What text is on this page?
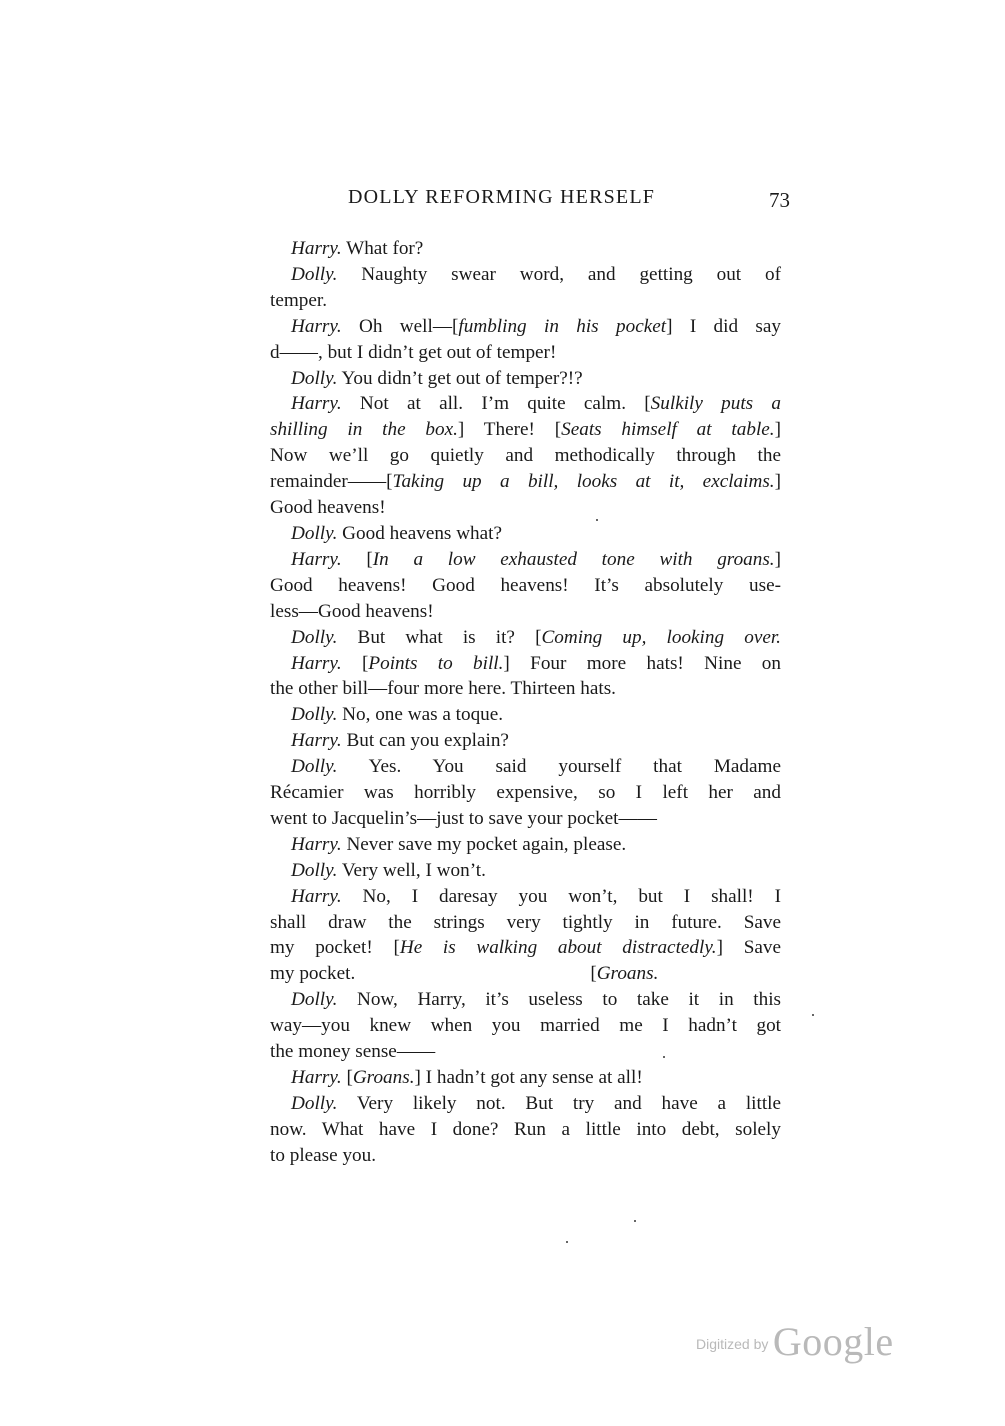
DOLLY REFORMING HERSELF	73
Harry. What for?
Dolly. Naughty swear word, and getting out of
temper.
Harry. Oh well—[fumbling in his pocket] I did say
d——, but I didn’t get out of temper!
Dolly. You didn’t get out of temper?!?
Harry. Not at all. I’m quite calm. [Sulkily puts a
shilling in the box.] There! [Seats himself at table.]
Now we’ll go quietly and methodically through the
remainder——[Taking up a bill, looks at it, exclaims.]
Good heavens!
Dolly. Good heavens what?
Harry. [In a low exhausted tone with groans.]
Good heavens! Good heavens! It’s absolutely use-
less—Good heavens!
Dolly. But what is it? [Coming up, looking over.
Harry. [Points to bill.] Four more hats! Nine on
the other bill—four more here. Thirteen hats.
Dolly. No, one was a toque.
Harry. But can you explain?
Dolly. Yes. You said yourself that Madame
Récamier was horribly expensive, so I left her and
went to Jacquelin’s—just to save your pocket——
Harry. Never save my pocket again, please.
Dolly. Very well, I won’t.
Harry. No, I daresay you won’t, but I shall! I
shall draw the strings very tightly in future. Save
my pocket! [He is walking about distractedly.] Save
my pocket.                                                 [Groans.
Dolly. Now, Harry, it’s useless to take it in this
way—you knew when you married me I hadn’t got
the money sense——
Harry. [Groans.] I hadn’t got any sense at all!
Dolly. Very likely not. But try and have a little
now. What have I done? Run a little into debt, solely
to please you.
Digitized by Google
